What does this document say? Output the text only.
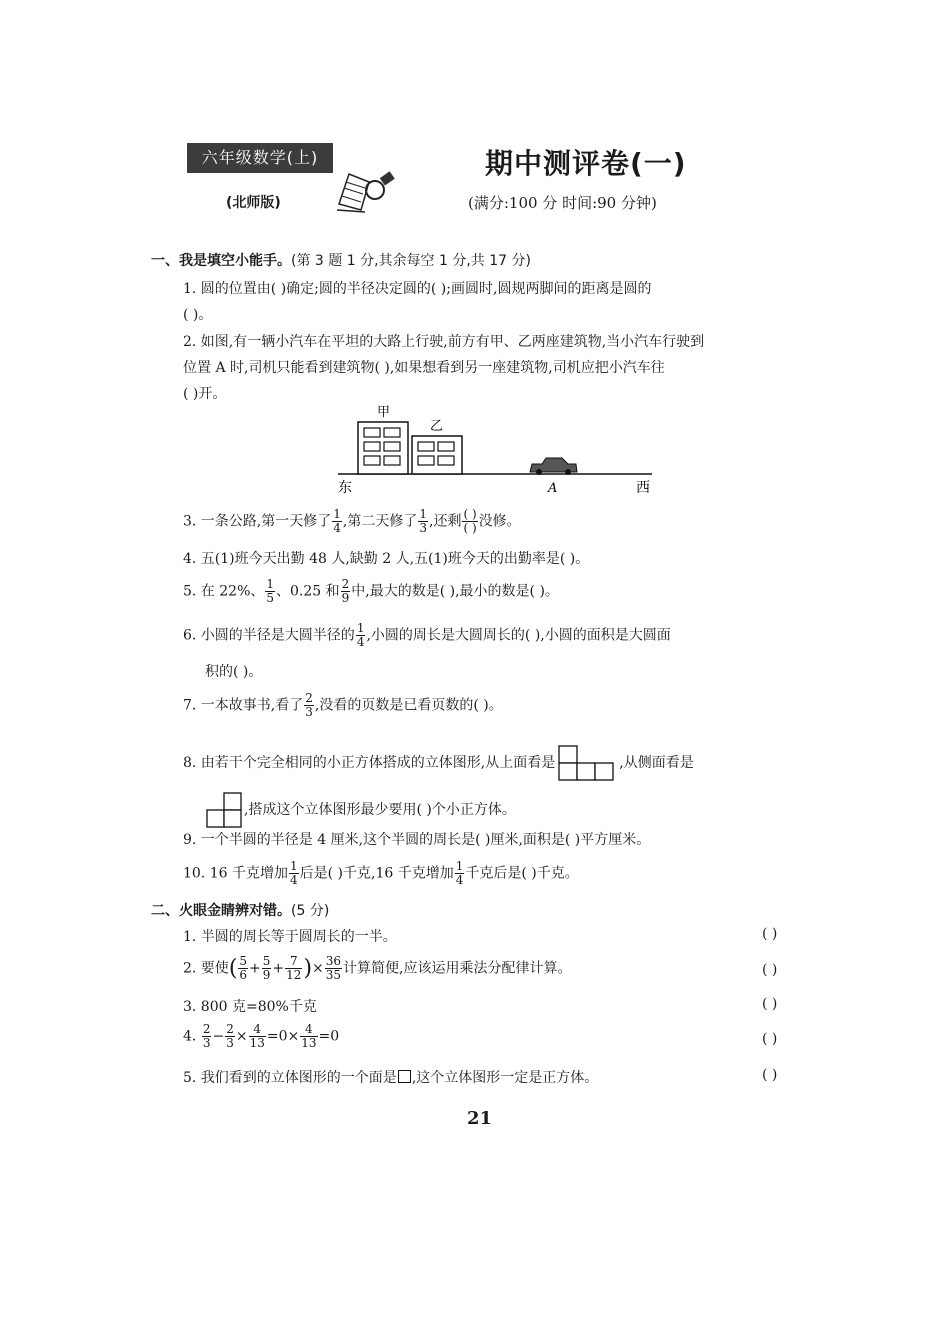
六年级数学(上)
(北师版)
期中测评卷(一)
(满分:100 分 时间:90 分钟)
一、我是填空小能手。(第 3 题 1 分,其余每空 1 分,共 17 分)
1. 圆的位置由( )确定;圆的半径决定圆的( );画圆时,圆规两脚间的距离是圆的
( )。
2. 如图,有一辆小汽车在平坦的大路上行驶,前方有甲、乙两座建筑物,当小汽车行驶到
位置 A 时,司机只能看到建筑物( ),如果想看到另一座建筑物,司机应把小汽车往
( )开。
甲
乙
东	A	西
3. 一条公路,第一天修了 $\frac{1}{4}$ ,第二天修了 $\frac{1}{3}$ ,还剩 $\frac{( )}{( )}$ 没修。
4. 五(1)班今天出勤 48 人,缺勤 2 人,五(1)班今天的出勤率是( )。
5. 在 22%、 $\frac{1}{5}$ 、0.25 和 $\frac{2}{9}$ 中,最大的数是( ),最小的数是( )。
6. 小圆的半径是大圆半径的 $\frac{1}{4}$ ,小圆的周长是大圆周长的( ),小圆的面积是大圆面
积的( )。
7. 一本故事书,看了 $\frac{2}{3}$ ,没看的页数是已看页数的( )。
8. 由若干个完全相同的小正方体搭成的立体图形,从上面看是	,从侧面看是
,搭成这个立体图形最少要用( )个小正方体。
9. 一个半圆的半径是 4 厘米,这个半圆的周长是( )厘米,面积是( )平方厘米。
10. 16 千克增加 $\frac{1}{4}$ 后是( )千克,16 千克增加 $\frac{1}{4}$ 千克后是( )千克。
二、火眼金睛辨对错。(5 分)
1. 半圆的周长等于圆周长的一半。	( )
2. 要使( $\frac{5}{6} + \frac{5}{9} + \frac{7}{12}$ )× $\frac{36}{35}$ 计算简便,应该运用乘法分配律计算。	( )
3. 800 克=80%千克	( )
4. $\frac{2}{3} - \frac{2}{3} \times \frac{4}{13} =0\times \frac{4}{13} =0$	( )
5. 我们看到的立体图形的一个面是 ,这个立体图形一定是正方体。	( )
21
